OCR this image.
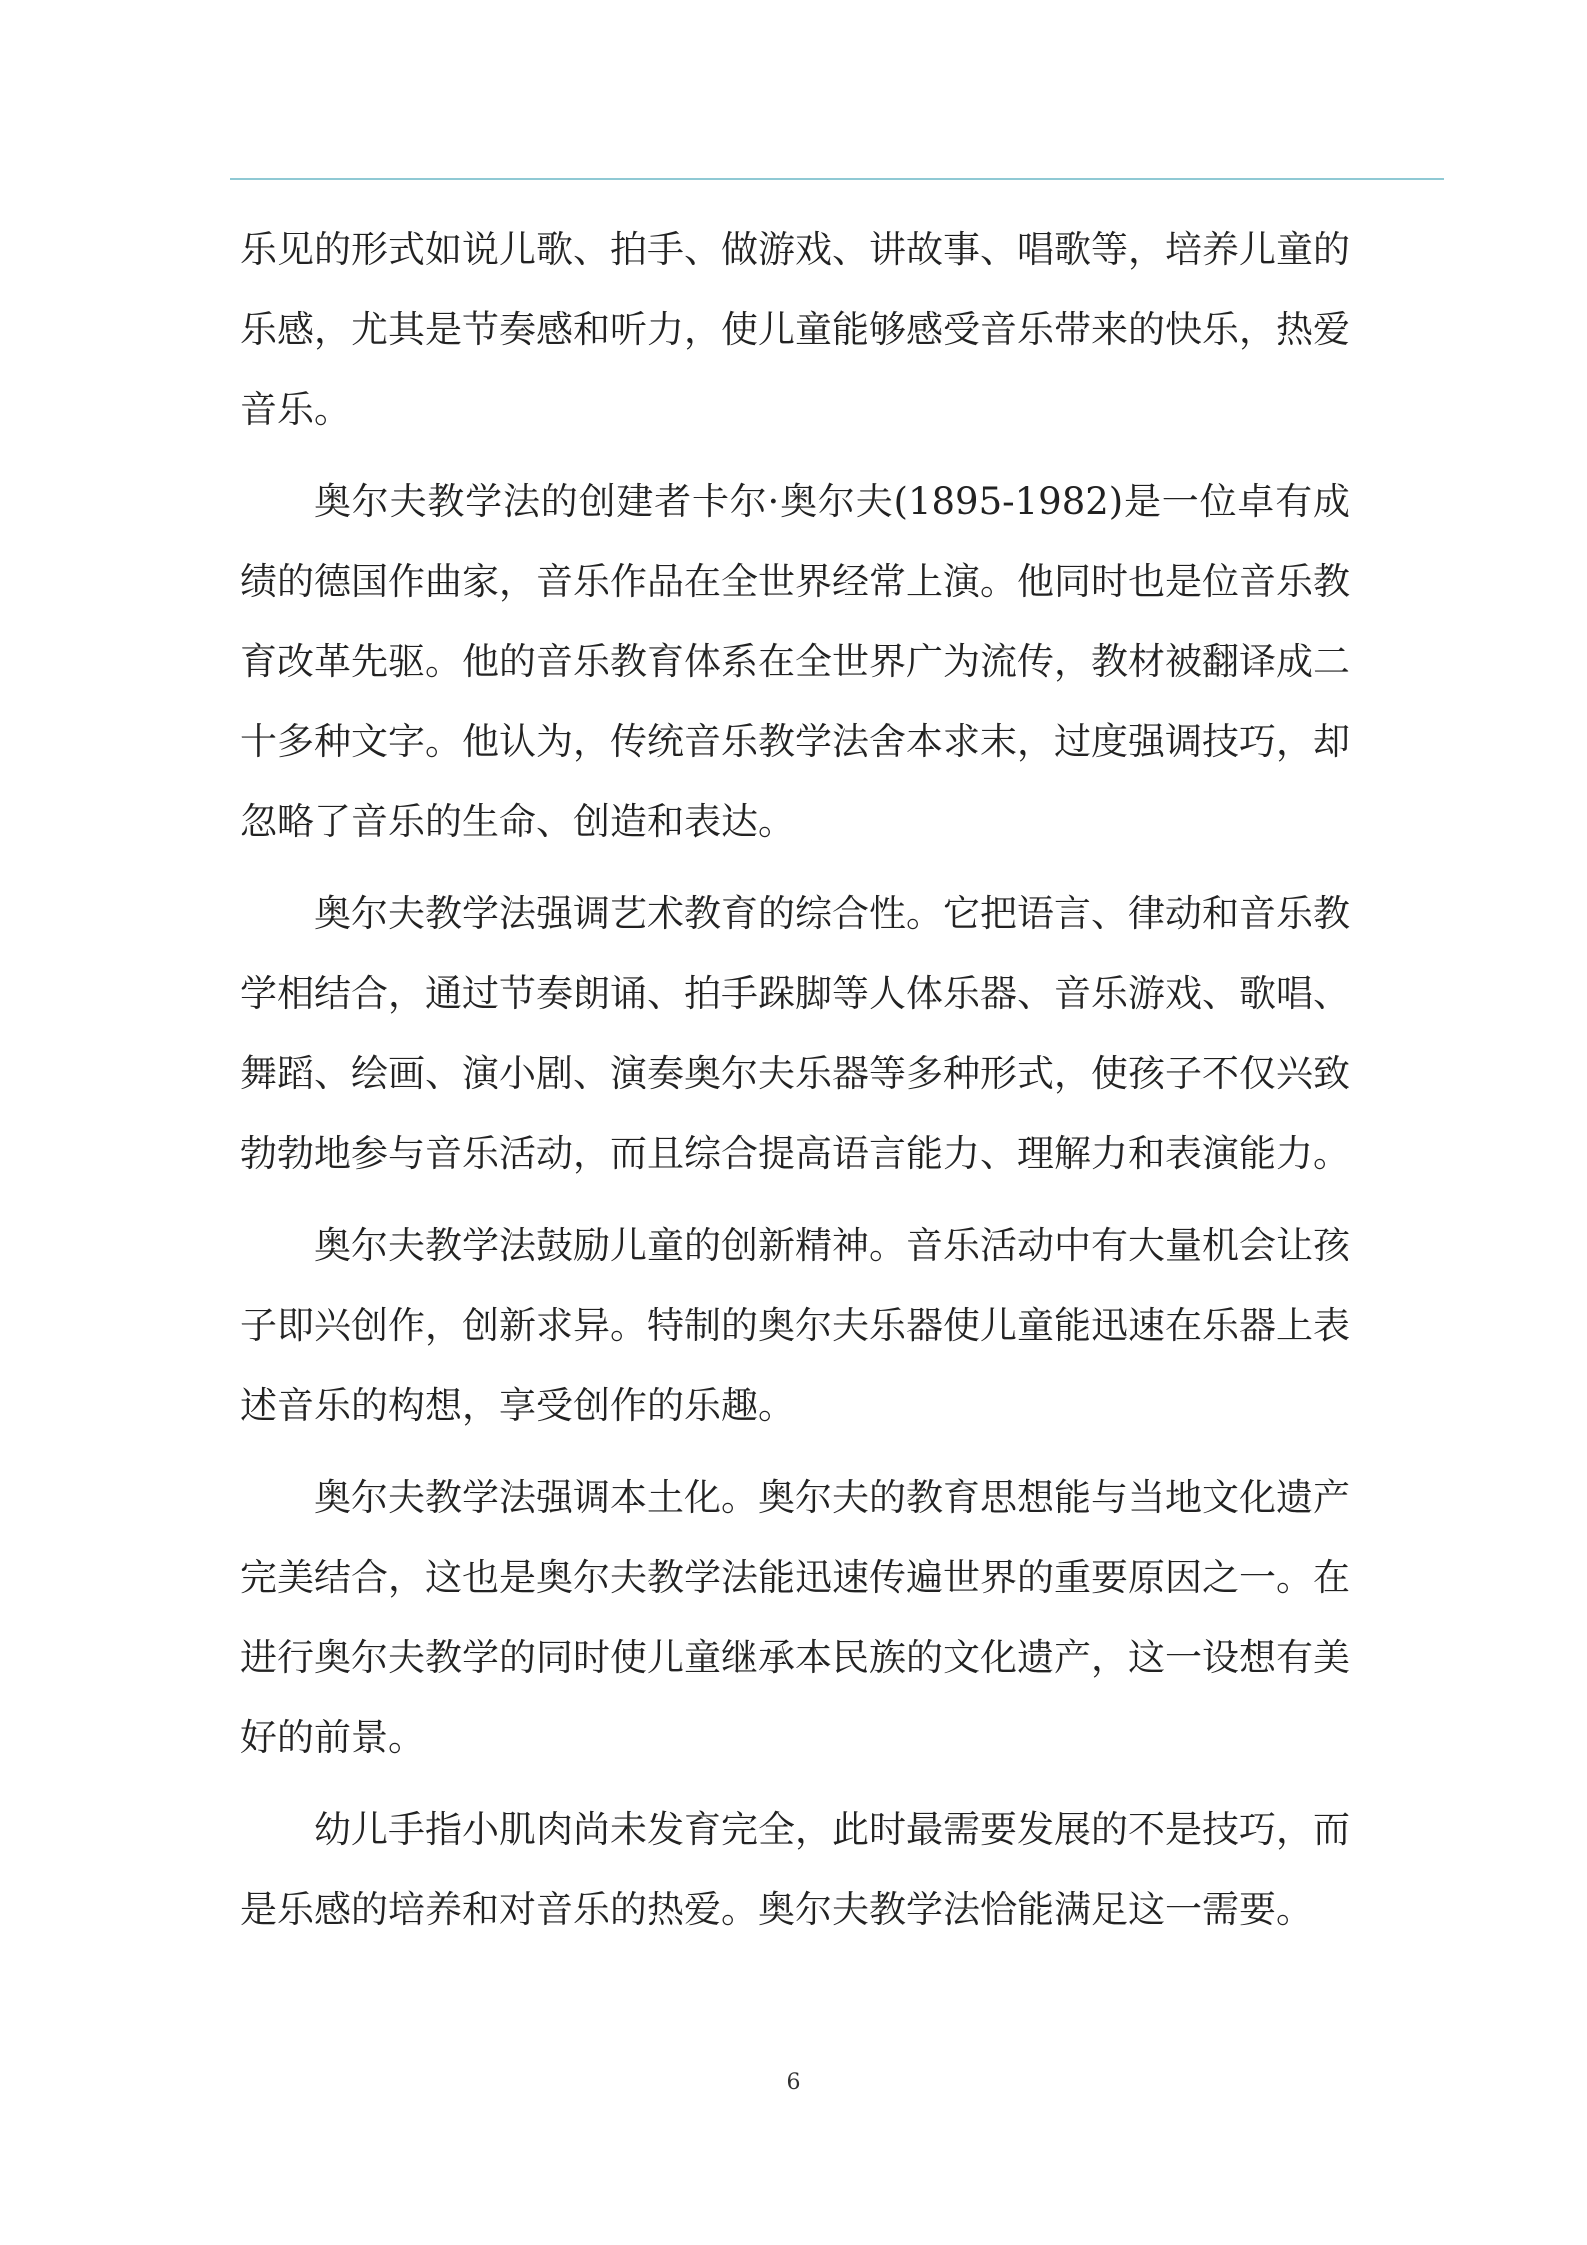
乐见的形式如说儿歌、拍手、做游戏、讲故事、唱歌等，培养儿童的乐感，尤其是节奏感和听力，使儿童能够感受音乐带来的快乐，热爱音乐。

奥尔夫教学法的创建者卡尔·奥尔夫(1895-1982)是一位卓有成绩的德国作曲家，音乐作品在全世界经常上演。他同时也是位音乐教育改革先驱。他的音乐教育体系在全世界广为流传，教材被翻译成二十多种文字。他认为，传统音乐教学法舍本求末，过度强调技巧，却忽略了音乐的生命、创造和表达。

奥尔夫教学法强调艺术教育的综合性。它把语言、律动和音乐教学相结合，通过节奏朗诵、拍手跺脚等人体乐器、音乐游戏、歌唱、舞蹈、绘画、演小剧、演奏奥尔夫乐器等多种形式，使孩子不仅兴致勃勃地参与音乐活动，而且综合提高语言能力、理解力和表演能力。

奥尔夫教学法鼓励儿童的创新精神。音乐活动中有大量机会让孩子即兴创作，创新求异。特制的奥尔夫乐器使儿童能迅速在乐器上表述音乐的构想，享受创作的乐趣。

奥尔夫教学法强调本土化。奥尔夫的教育思想能与当地文化遗产完美结合，这也是奥尔夫教学法能迅速传遍世界的重要原因之一。在进行奥尔夫教学的同时使儿童继承本民族的文化遗产，这一设想有美好的前景。

幼儿手指小肌肉尚未发育完全，此时最需要发展的不是技巧，而是乐感的培养和对音乐的热爱。奥尔夫教学法恰能满足这一需要。

6
